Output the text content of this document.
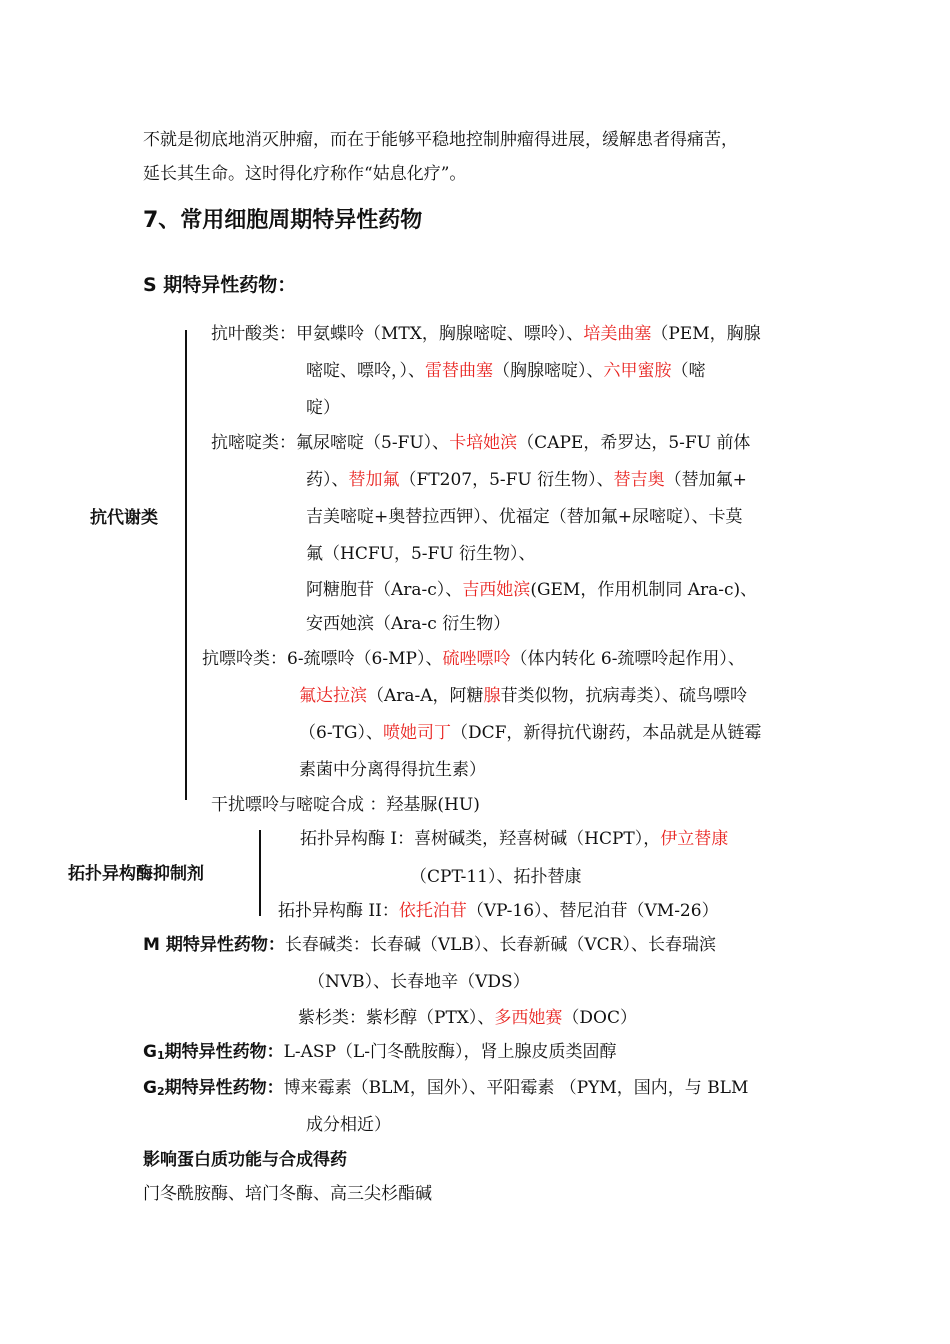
不就是彻底地消灭肿瘤，而在于能够平稳地控制肿瘤得进展，缓解患者得痛苦，
延长其生命。这时得化疗称作“姑息化疗”。
7、常用细胞周期特异性药物
S 期特异性药物：
抗代谢类
抗叶酸类：甲氨蝶呤（MTX，胸腺嘧啶、嘌呤）、培美曲塞（PEM，胸腺
嘧啶、嘌呤，）、雷替曲塞（胸腺嘧啶）、六甲蜜胺（嘧
啶）
抗嘧啶类：氟尿嘧啶（5-FU）、卡培她滨（CAPE，希罗达，5-FU 前体
药）、替加氟（FT207，5-FU 衍生物）、替吉奥（替加氟+
吉美嘧啶+奥替拉西钾）、优福定（替加氟+尿嘧啶）、卡莫
氟（HCFU，5-FU 衍生物）、
阿糖胞苷（Ara-c）、吉西她滨(GEM，作用机制同 Ara-c)、
安西她滨（Ara-c 衍生物）
抗嘌呤类：6-巯嘌呤（6-MP）、硫唑嘌呤（体内转化 6-巯嘌呤起作用）、
氟达拉滨（Ara-A，阿糖腺苷类似物，抗病毒类）、硫鸟嘌呤
（6-TG）、喷她司丁（DCF，新得抗代谢药，本品就是从链霉
素菌中分离得得抗生素）
干扰嘌呤与嘧啶合成 ：羟基脲(HU)
拓扑异构酶抑制剂
拓扑异构酶 I：喜树碱类，羟喜树碱（HCPT），伊立替康
（CPT-11）、拓扑替康
拓扑异构酶 II：依托泊苷（VP-16）、替尼泊苷（VM-26）
M 期特异性药物：长春碱类：长春碱（VLB）、长春新碱（VCR）、长春瑞滨
（NVB）、长春地辛（VDS）
紫杉类：紫杉醇（PTX）、多西她赛（DOC）
$G_1$期特异性药物：L-ASP（L-门冬酰胺酶），肾上腺皮质类固醇
$G_2$期特异性药物：博来霉素（BLM，国外）、平阳霉素 （PYM，国内，与 BLM
成分相近）
影响蛋白质功能与合成得药
门冬酰胺酶、培门冬酶、高三尖杉酯碱
